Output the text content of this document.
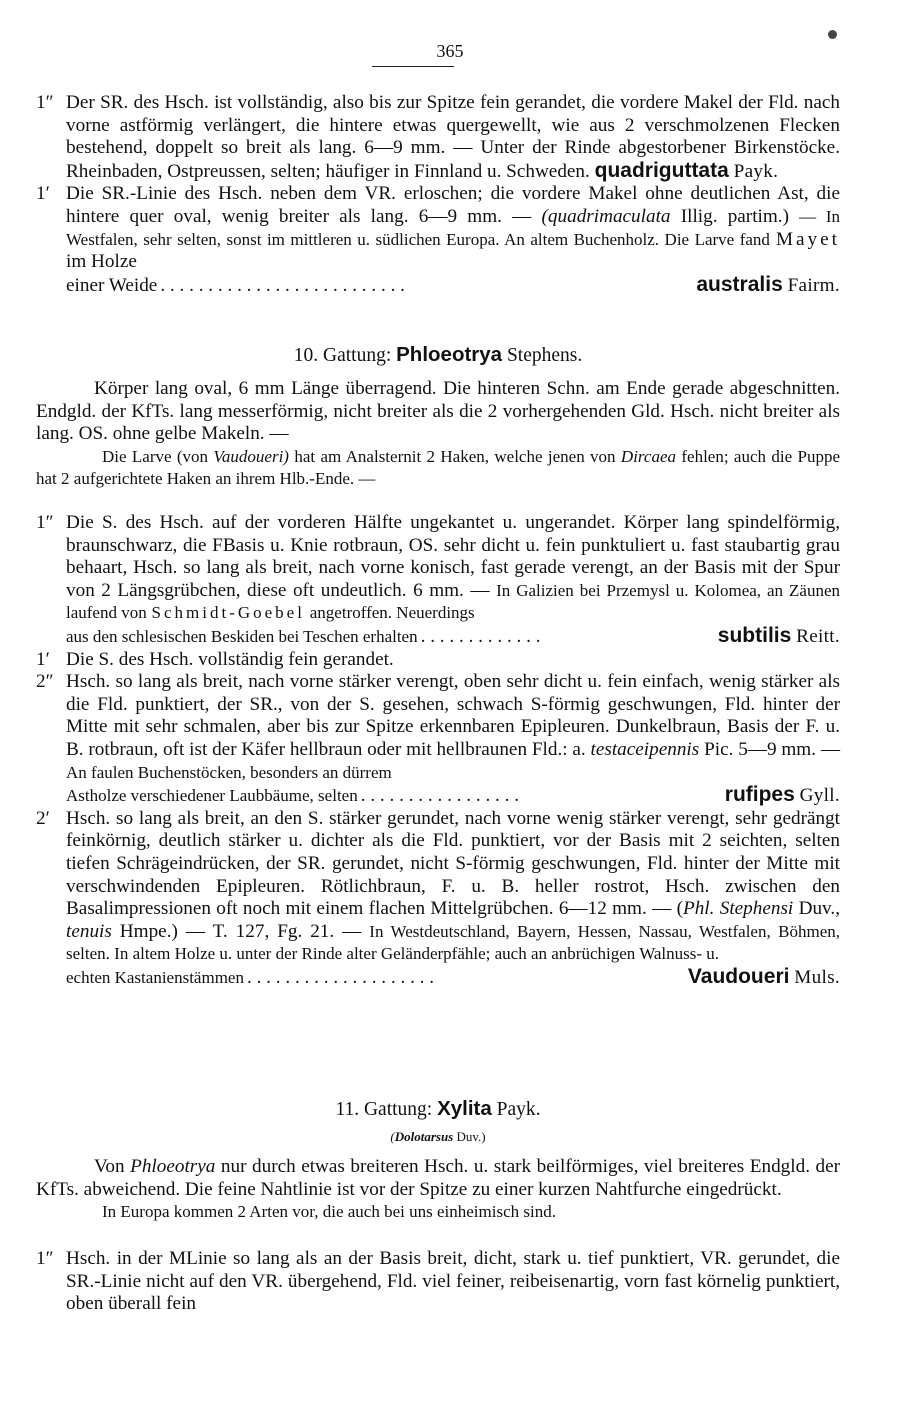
365
1″ Der SR. des Hsch. ist vollständig, also bis zur Spitze fein gerandet, die vordere Makel der Fld. nach vorne astförmig verlängert, die hintere etwas quergewellt, wie aus 2 verschmolzenen Flecken bestehend, doppelt so breit als lang. 6—9 mm. — Unter der Rinde abgestorbener Birkenstöcke. Rheinbaden, Ostpreussen, selten; häufiger in Finnland u. Schweden. quadriguttata Payk.
1′ Die SR.-Linie des Hsch. neben dem VR. erloschen; die vordere Makel ohne deutlichen Ast, die hintere quer oval, wenig breiter als lang. 6—9 mm. — (quadrimaculata Illig. partim.) — In Westfalen, sehr selten, sonst im mittleren u. südlichen Europa. An altem Buchenholz. Die Larve fand Mayet im Holze
einer Weide . . . . . . . . . . . . . . . . . . . . . . . . . .	australis Fairm.
10. Gattung: Phloeotrya Stephens.
Körper lang oval, 6 mm Länge überragend. Die hinteren Schn. am Ende gerade abgeschnitten. Endgld. der KfTs. lang messerförmig, nicht breiter als die 2 vorhergehenden Gld. Hsch. nicht breiter als lang. OS. ohne gelbe Makeln. —
Die Larve (von Vaudoueri) hat am Analsternit 2 Haken, welche jenen von Dircaea fehlen; auch die Puppe hat 2 aufgerichtete Haken an ihrem Hlb.-Ende. —
1″ Die S. des Hsch. auf der vorderen Hälfte ungekantet u. ungerandet. Körper lang spindelförmig, braunschwarz, die FBasis u. Knie rotbraun, OS. sehr dicht u. fein punktuliert u. fast staubartig grau behaart, Hsch. so lang als breit, nach vorne konisch, fast gerade verengt, an der Basis mit der Spur von 2 Längsgrübchen, diese oft undeutlich. 6 mm. — In Galizien bei Przemysl u. Kolomea, an Zäunen laufend von Schmidt-Goebel angetroffen. Neuerdings
aus den schlesischen Beskiden bei Teschen erhalten . . . . . . . . . . . . .	subtilis Reitt.
1′ Die S. des Hsch. vollständig fein gerandet.
2″ Hsch. so lang als breit, nach vorne stärker verengt, oben sehr dicht u. fein einfach, wenig stärker als die Fld. punktiert, der SR., von der S. gesehen, schwach S-förmig geschwungen, Fld. hinter der Mitte mit sehr schmalen, aber bis zur Spitze erkennbaren Epipleuren. Dunkelbraun, Basis der F. u. B. rotbraun, oft ist der Käfer hellbraun oder mit hellbraunen Fld.: a. testaceipennis Pic. 5—9 mm. — An faulen Buchenstöcken, besonders an dürrem
Astholze verschiedener Laubbäume, selten . . . . . . . . . . . . . . . . .	rufipes Gyll.
2′ Hsch. so lang als breit, an den S. stärker gerundet, nach vorne wenig stärker verengt, sehr gedrängt feinkörnig, deutlich stärker u. dichter als die Fld. punktiert, vor der Basis mit 2 seichten, selten tiefen Schrägeindrücken, der SR. gerundet, nicht S-förmig geschwungen, Fld. hinter der Mitte mit verschwindenden Epipleuren. Rötlichbraun, F. u. B. heller rostrot, Hsch. zwischen den Basalimpressionen oft noch mit einem flachen Mittelgrübchen. 6—12 mm. — (Phl. Stephensi Duv., tenuis Hmpe.) — T. 127, Fg. 21. — In Westdeutschland, Bayern, Hessen, Nassau, Westfalen, Böhmen, selten. In altem Holze u. unter der Rinde alter Geländerpfähle; auch an anbrüchigen Walnuss- u.
echten Kastanienstämmen . . . . . . . . . . . . . . . . . . . .	Vaudoueri Muls.
11. Gattung: Xylita Payk.
(Dolotarsus Duv.)
Von Phloeotrya nur durch etwas breiteren Hsch. u. stark beilförmiges, viel breiteres Endgld. der KfTs. abweichend. Die feine Nahtlinie ist vor der Spitze zu einer kurzen Nahtfurche eingedrückt.
In Europa kommen 2 Arten vor, die auch bei uns einheimisch sind.
1″ Hsch. in der MLinie so lang als an der Basis breit, dicht, stark u. tief punktiert, VR. gerundet, die SR.-Linie nicht auf den VR. übergehend, Fld. viel feiner, reibeisenartig, vorn fast körnelig punktiert, oben überall fein
